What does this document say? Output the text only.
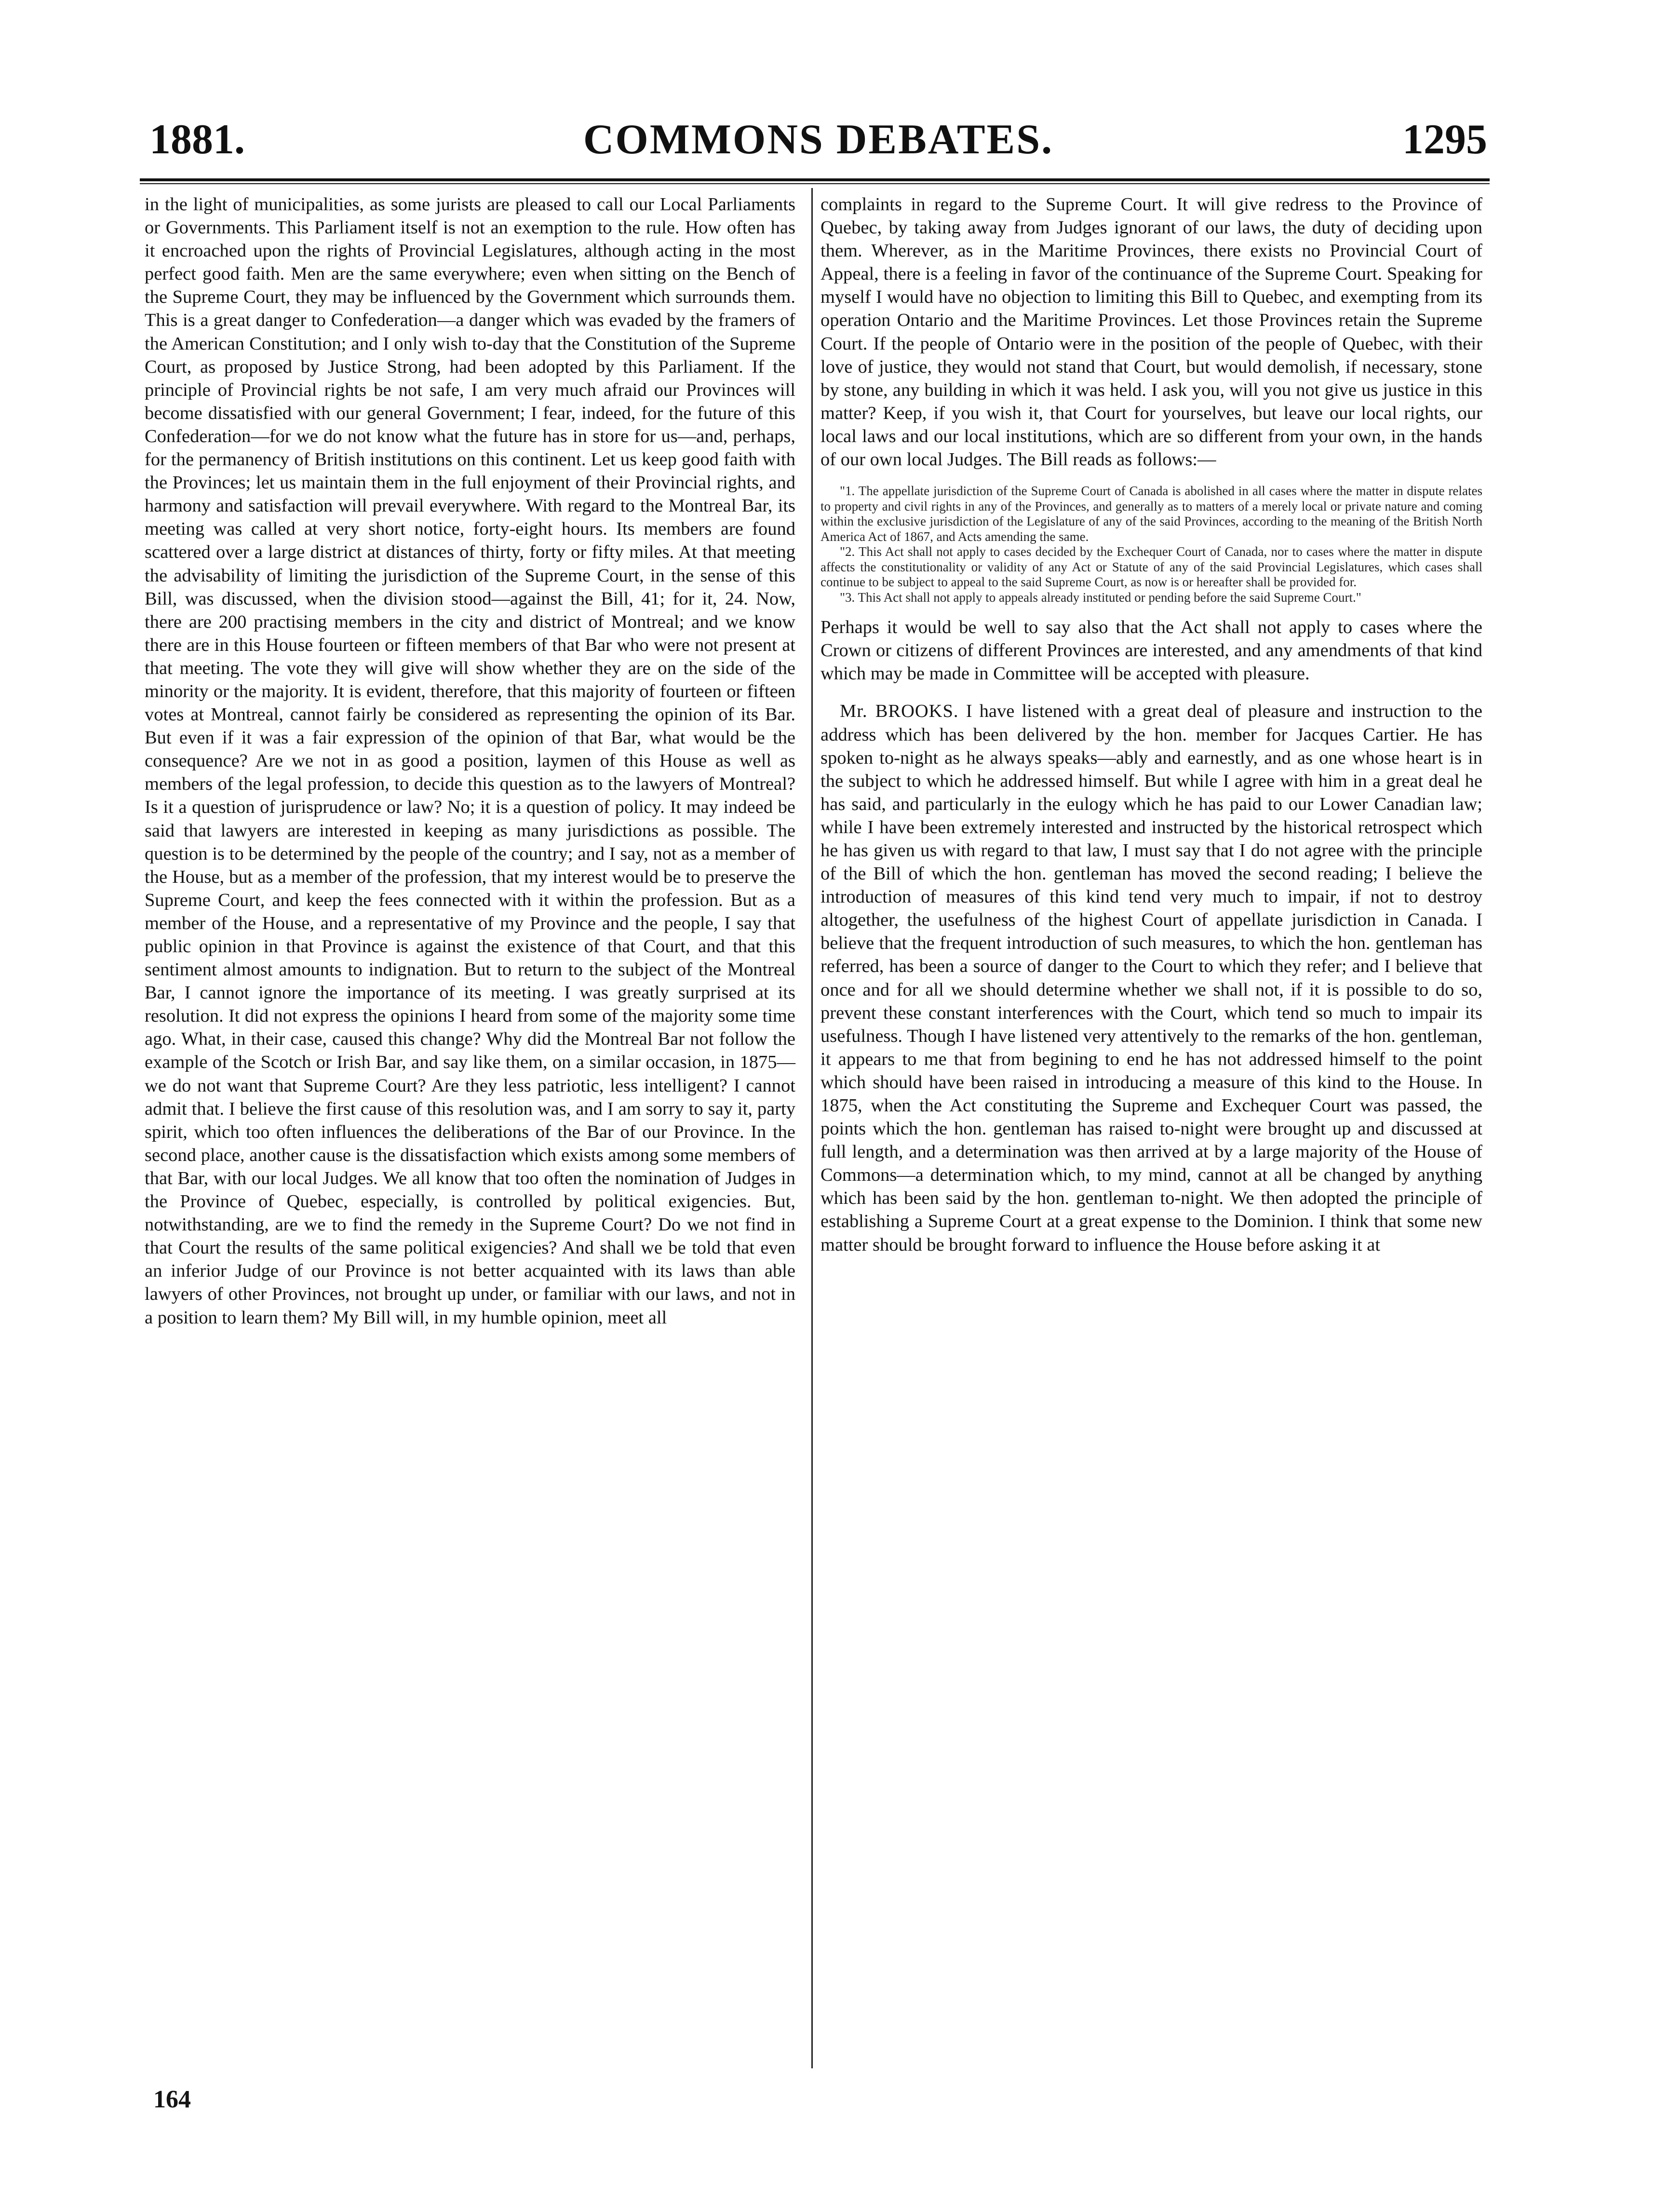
1881.	COMMONS DEBATES.	1295

in the light of municipalities, as some jurists are pleased to call our Local Parliaments or Governments. This Parliament itself is not an exemption to the rule. How often has it encroached upon the rights of Provincial Legislatures, although acting in the most perfect good faith. Men are the same everywhere; even when sitting on the Bench of the Supreme Court, they may be influenced by the Government which surrounds them. This is a great danger to Confederation—a danger which was evaded by the framers of the American Constitution; and I only wish to-day that the Constitution of the Supreme Court, as proposed by Justice Strong, had been adopted by this Parliament. If the principle of Provincial rights be not safe, I am very much afraid our Provinces will become dissatisfied with our general Government; I fear, indeed, for the future of this Confederation—for we do not know what the future has in store for us—and, perhaps, for the permanency of British institutions on this continent. Let us keep good faith with the Provinces; let us maintain them in the full enjoyment of their Provincial rights, and harmony and satisfaction will prevail everywhere. With regard to the Montreal Bar, its meeting was called at very short notice, forty-eight hours. Its members are found scattered over a large district at distances of thirty, forty or fifty miles. At that meeting the advisability of limiting the jurisdiction of the Supreme Court, in the sense of this Bill, was discussed, when the division stood—against the Bill, 41; for it, 24. Now, there are 200 practising members in the city and district of Montreal; and we know there are in this House fourteen or fifteen members of that Bar who were not present at that meeting. The vote they will give will show whether they are on the side of the minority or the majority. It is evident, therefore, that this majority of fourteen or fifteen votes at Montreal, cannot fairly be considered as representing the opinion of its Bar. But even if it was a fair expression of the opinion of that Bar, what would be the consequence? Are we not in as good a position, laymen of this House as well as members of the legal profession, to decide this question as to the lawyers of Montreal? Is it a question of jurisprudence or law? No; it is a question of policy. It may indeed be said that lawyers are interested in keeping as many jurisdictions as possible. The question is to be determined by the people of the country; and I say, not as a member of the House, but as a member of the profession, that my interest would be to preserve the Supreme Court, and keep the fees connected with it within the profession. But as a member of the House, and a representative of my Province and the people, I say that public opinion in that Province is against the existence of that Court, and that this sentiment almost amounts to indignation. But to return to the subject of the Montreal Bar, I cannot ignore the importance of its meeting. I was greatly surprised at its resolution. It did not express the opinions I heard from some of the majority some time ago. What, in their case, caused this change? Why did the Montreal Bar not follow the example of the Scotch or Irish Bar, and say like them, on a similar occasion, in 1875—we do not want that Supreme Court? Are they less patriotic, less intelligent? I cannot admit that. I believe the first cause of this resolution was, and I am sorry to say it, party spirit, which too often influences the deliberations of the Bar of our Province. In the second place, another cause is the dissatisfaction which exists among some members of that Bar, with our local Judges. We all know that too often the nomination of Judges in the Province of Quebec, especially, is controlled by political exigencies. But, notwithstanding, are we to find the remedy in the Supreme Court? Do we not find in that Court the results of the same political exigencies? And shall we be told that even an inferior Judge of our Province is not better acquainted with its laws than able lawyers of other Provinces, not brought up under, or familiar with our laws, and not in a position to learn them? My Bill will, in my humble opinion, meet all

complaints in regard to the Supreme Court. It will give redress to the Province of Quebec, by taking away from Judges ignorant of our laws, the duty of deciding upon them. Wherever, as in the Maritime Provinces, there exists no Provincial Court of Appeal, there is a feeling in favor of the continuance of the Supreme Court. Speaking for myself I would have no objection to limiting this Bill to Quebec, and exempting from its operation Ontario and the Maritime Provinces. Let those Provinces retain the Supreme Court. If the people of Ontario were in the position of the people of Quebec, with their love of justice, they would not stand that Court, but would demolish, if necessary, stone by stone, any building in which it was held. I ask you, will you not give us justice in this matter? Keep, if you wish it, that Court for yourselves, but leave our local rights, our local laws and our local institutions, which are so different from your own, in the hands of our own local Judges. The Bill reads as follows:—

"1. The appellate jurisdiction of the Supreme Court of Canada is abolished in all cases where the matter in dispute relates to property and civil rights in any of the Provinces, and generally as to matters of a merely local or private nature and coming within the exclusive jurisdiction of the Legislature of any of the said Provinces, according to the meaning of the British North America Act of 1867, and Acts amending the same.

"2. This Act shall not apply to cases decided by the Exchequer Court of Canada, nor to cases where the matter in dispute affects the constitutionality or validity of any Act or Statute of any of the said Provincial Legislatures, which cases shall continue to be subject to appeal to the said Supreme Court, as now is or hereafter shall be provided for.

"3. This Act shall not apply to appeals already instituted or pending before the said Supreme Court."

Perhaps it would be well to say also that the Act shall not apply to cases where the Crown or citizens of different Provinces are interested, and any amendments of that kind which may be made in Committee will be accepted with pleasure.

Mr. BROOKS. I have listened with a great deal of pleasure and instruction to the address which has been delivered by the hon. member for Jacques Cartier. He has spoken to-night as he always speaks—ably and earnestly, and as one whose heart is in the subject to which he addressed himself. But while I agree with him in a great deal he has said, and particularly in the eulogy which he has paid to our Lower Canadian law; while I have been extremely interested and instructed by the historical retrospect which he has given us with regard to that law, I must say that I do not agree with the principle of the Bill of which the hon. gentleman has moved the second reading; I believe the introduction of measures of this kind tend very much to impair, if not to destroy altogether, the usefulness of the highest Court of appellate jurisdiction in Canada. I believe that the frequent introduction of such measures, to which the hon. gentleman has referred, has been a source of danger to the Court to which they refer; and I believe that once and for all we should determine whether we shall not, if it is possible to do so, prevent these constant interferences with the Court, which tend so much to impair its usefulness. Though I have listened very attentively to the remarks of the hon. gentleman, it appears to me that from begining to end he has not addressed himself to the point which should have been raised in introducing a measure of this kind to the House. In 1875, when the Act constituting the Supreme and Exchequer Court was passed, the points which the hon. gentleman has raised to-night were brought up and discussed at full length, and a determination was then arrived at by a large majority of the House of Commons—a determination which, to my mind, cannot at all be changed by anything which has been said by the hon. gentleman to-night. We then adopted the principle of establishing a Supreme Court at a great expense to the Dominion. I think that some new matter should be brought forward to influence the House before asking it at

164
